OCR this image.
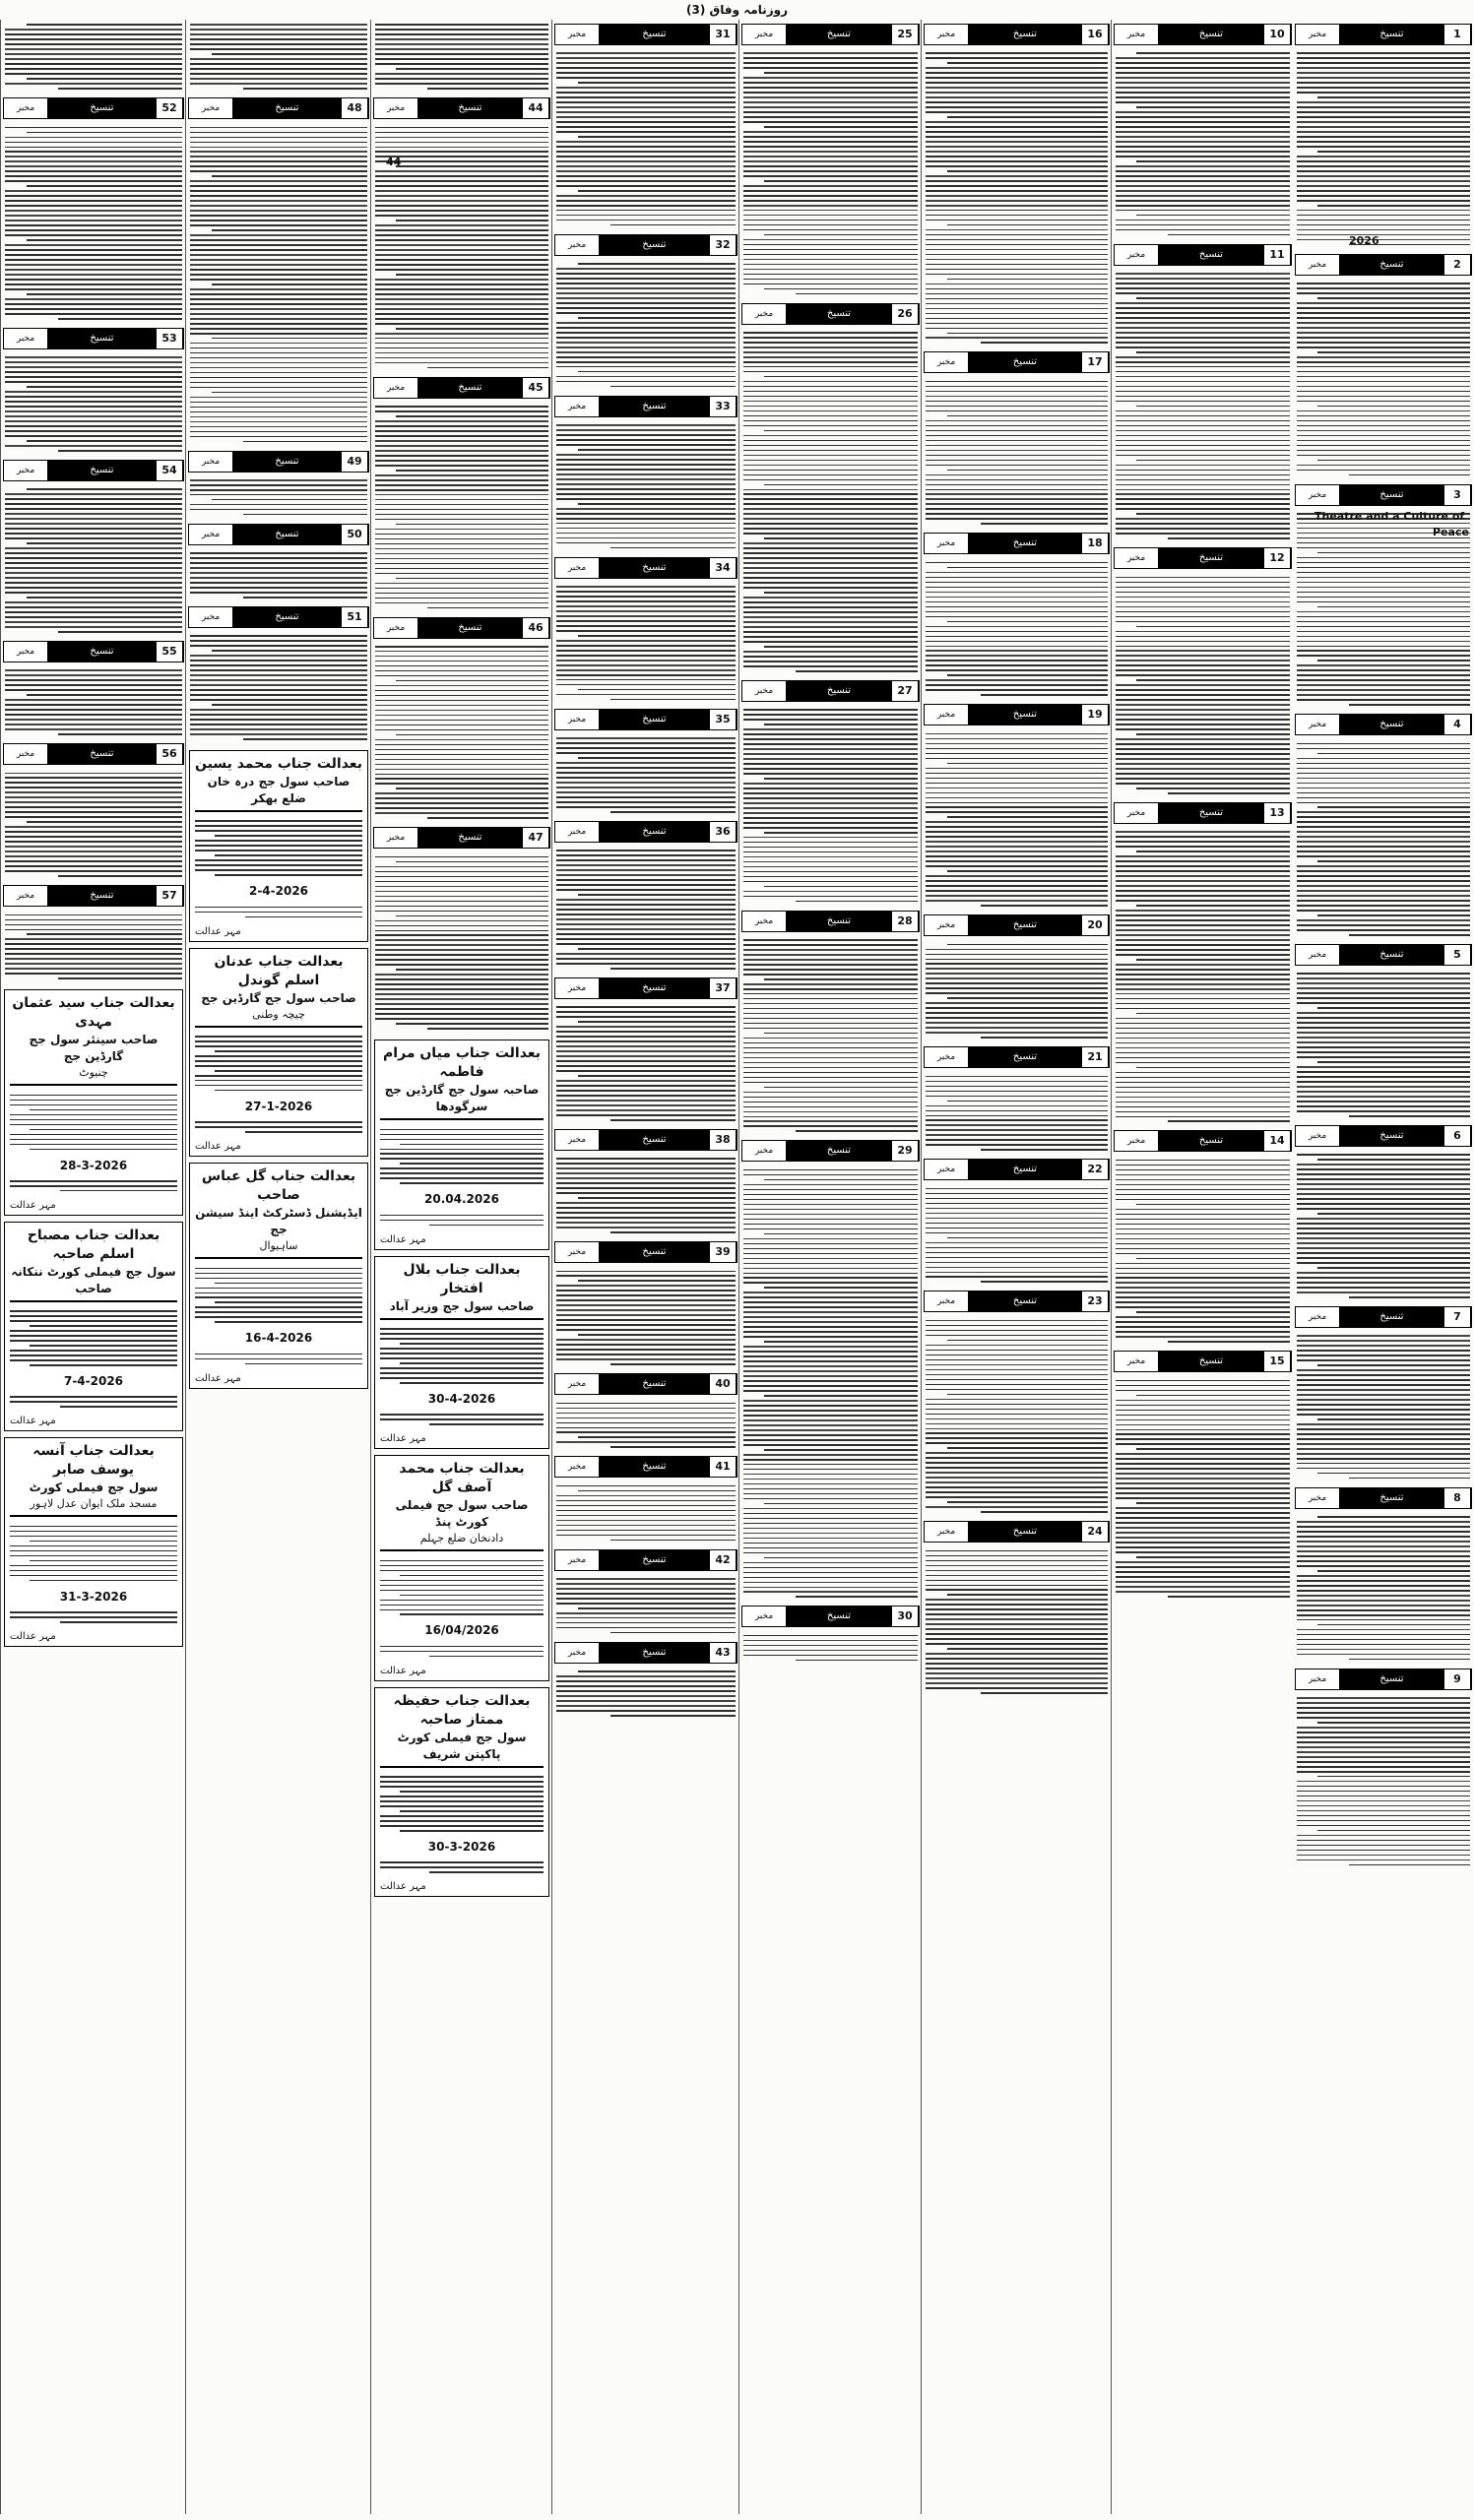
روزنامہ وفاق (3)
مخبر	تنسیخ	1
مخبر	تنسیخ	2
مخبر	تنسیخ	3
مخبر	تنسیخ	4
مخبر	تنسیخ	5
مخبر	تنسیخ	6
مخبر	تنسیخ	7
مخبر	تنسیخ	8
مخبر	تنسیخ	9
مخبر	تنسیخ	10
مخبر	تنسیخ	11
مخبر	تنسیخ	12
مخبر	تنسیخ	13
مخبر	تنسیخ	14
مخبر	تنسیخ	15
مخبر	تنسیخ	16
مخبر	تنسیخ	17
مخبر	تنسیخ	18
مخبر	تنسیخ	19
مخبر	تنسیخ	20
مخبر	تنسیخ	21
مخبر	تنسیخ	22
مخبر	تنسیخ	23
مخبر	تنسیخ	24
مخبر	تنسیخ	25
مخبر	تنسیخ	26
مخبر	تنسیخ	27
مخبر	تنسیخ	28
مخبر	تنسیخ	29
مخبر	تنسیخ	30
مخبر	تنسیخ	31
مخبر	تنسیخ	32
مخبر	تنسیخ	33
مخبر	تنسیخ	34
مخبر	تنسیخ	35
مخبر	تنسیخ	36
مخبر	تنسیخ	37
مخبر	تنسیخ	38
مخبر	تنسیخ	39
مخبر	تنسیخ	40
مخبر	تنسیخ	41
مخبر	تنسیخ	42
مخبر	تنسیخ	43
مخبر	تنسیخ	44
مخبر	تنسیخ	45
مخبر	تنسیخ	46
مخبر	تنسیخ	47
بعدالت جناب میاں مرام فاطمہ
صاحبہ سول جج گارڈین جج سرگودھا
20.04.2026
مہر عدالت
بعدالت جناب بلال افتخار
صاحب سول جج وزیر آباد
30-4-2026
مہر عدالت
بعدالت جناب محمد آصف گل
صاحب سول جج فیملی کورٹ پنڈ
دادنخان ضلع جہلم
16/04/2026
مہر عدالت
بعدالت جناب حفیظہ ممتاز صاحبہ
سول جج فیملی کورٹ پاکپتن شریف
30-3-2026
مہر عدالت
مخبر	تنسیخ	48
مخبر	تنسیخ	49
مخبر	تنسیخ	50
مخبر	تنسیخ	51
بعدالت جناب محمد یسین
صاحب سول جج درہ خان ضلع بھکر
2-4-2026
مہر عدالت
بعدالت جناب عدنان اسلم گوندل
صاحب سول جج گارڈین جج
چیچہ وطنی
27-1-2026
مہر عدالت
بعدالت جناب گل عباس صاحب
ایڈیشنل ڈسٹرکٹ اینڈ سیشن جج
ساہیوال
16-4-2026
مہر عدالت
مخبر	تنسیخ	52
مخبر	تنسیخ	53
مخبر	تنسیخ	54
مخبر	تنسیخ	55
مخبر	تنسیخ	56
مخبر	تنسیخ	57
بعدالت جناب سید عثمان مہدی
صاحب سینئر سول جج گارڈین جج
چنیوٹ
28-3-2026
مہر عدالت
بعدالت جناب مصباح اسلم صاحبہ
سول جج فیملی کورٹ ننکانہ صاحب
7-4-2026
مہر عدالت
بعدالت جناب آنسہ یوسف صابر
سول جج فیملی کورٹ
مسجد ملک ایوان عدل لاہور
31-3-2026
مہر عدالت
Theatre and a Culture of
Peace
2026
44
